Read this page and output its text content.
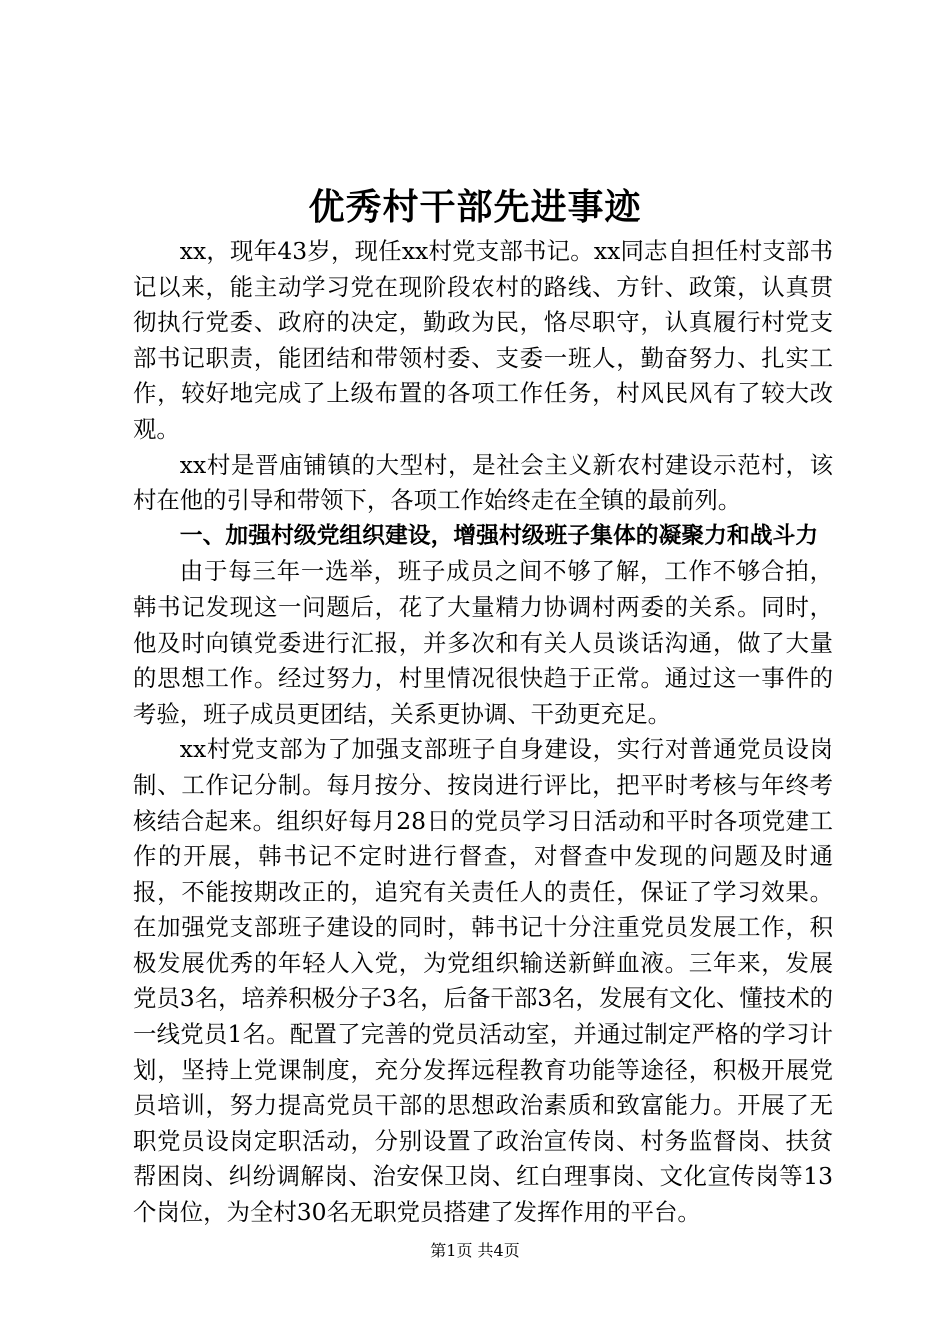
优秀村干部先进事迹

xx，现年43岁，现任xx村党支部书记。xx同志自担任村支部书记以来，能主动学习党在现阶段农村的路线、方针、政策，认真贯彻执行党委、政府的决定，勤政为民，恪尽职守，认真履行村党支部书记职责，能团结和带领村委、支委一班人，勤奋努力、扎实工作，较好地完成了上级布置的各项工作任务，村风民风有了较大改观。

xx村是晋庙铺镇的大型村，是社会主义新农村建设示范村，该村在他的引导和带领下，各项工作始终走在全镇的最前列。

一、加强村级党组织建设，增强村级班子集体的凝聚力和战斗力

由于每三年一选举，班子成员之间不够了解，工作不够合拍，韩书记发现这一问题后，花了大量精力协调村两委的关系。同时，他及时向镇党委进行汇报，并多次和有关人员谈话沟通，做了大量的思想工作。经过努力，村里情况很快趋于正常。通过这一事件的考验，班子成员更团结，关系更协调、干劲更充足。

xx村党支部为了加强支部班子自身建设，实行对普通党员设岗制、工作记分制。每月按分、按岗进行评比，把平时考核与年终考核结合起来。组织好每月28日的党员学习日活动和平时各项党建工作的开展，韩书记不定时进行督查，对督查中发现的问题及时通报，不能按期改正的，追究有关责任人的责任，保证了学习效果。在加强党支部班子建设的同时，韩书记十分注重党员发展工作，积极发展优秀的年轻人入党，为党组织输送新鲜血液。三年来，发展党员3名，培养积极分子3名，后备干部3名，发展有文化、懂技术的一线党员1名。配置了完善的党员活动室，并通过制定严格的学习计划，坚持上党课制度，充分发挥远程教育功能等途径，积极开展党员培训，努力提高党员干部的思想政治素质和致富能力。开展了无职党员设岗定职活动，分别设置了政治宣传岗、村务监督岗、扶贫帮困岗、纠纷调解岗、治安保卫岗、红白理事岗、文化宣传岗等13个岗位，为全村30名无职党员搭建了发挥作用的平台。

第1页 共4页
